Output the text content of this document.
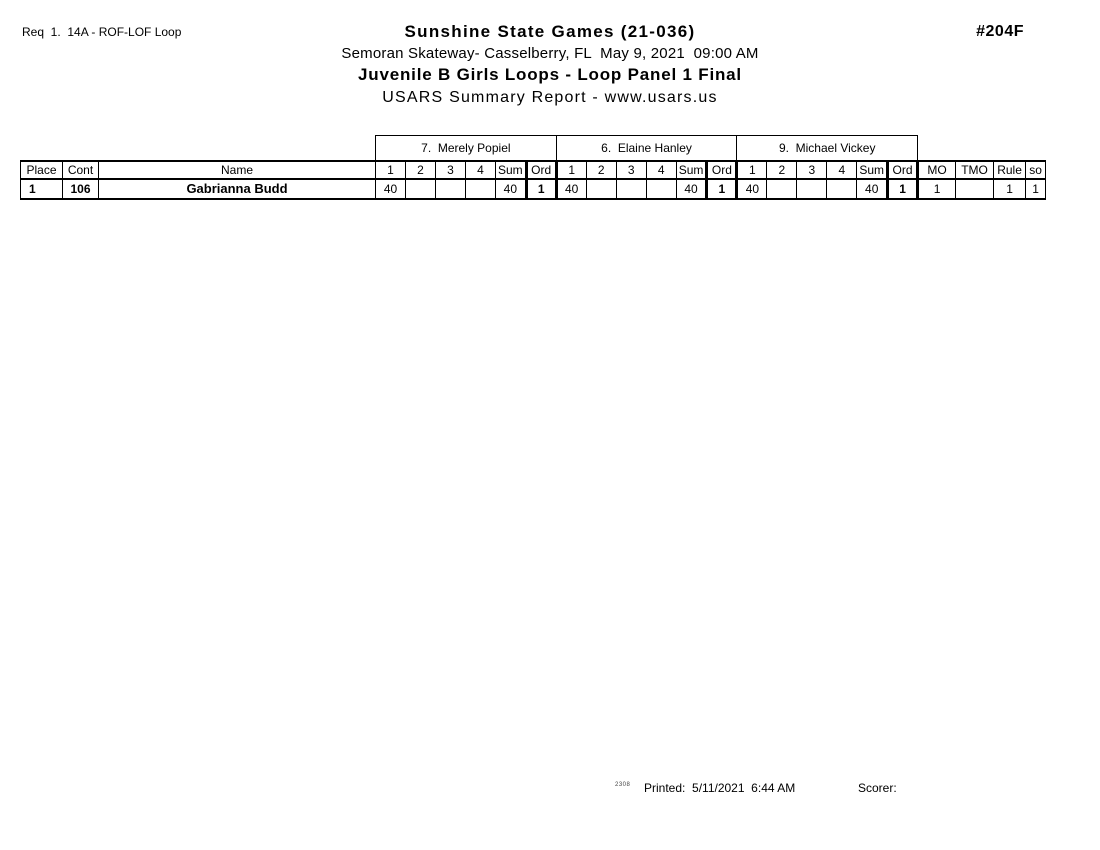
Req  1.  14A - ROF-LOF Loop	#204F
Sunshine State Games (21-036)
Semoran Skateway- Casselberry, FL  May 9, 2021  09:00 AM
Juvenile B Girls Loops - Loop Panel 1 Final
USARS Summary Report - www.usars.us
			7.  Merely Popiel						6.  Elaine Hanley						9.  Michael Vickey									
Place	Cont	Name	1	2	3	4	Sum	Ord	1	2	3	4	Sum	Ord	1	2	3	4	Sum	Ord	MO	TMO	Rule	so
1	106	Gabrianna Budd	40				40	1	40				40	1	40				40	1	1		1	1
2308 Printed:  5/11/2021  6:44 AM	Scorer:
